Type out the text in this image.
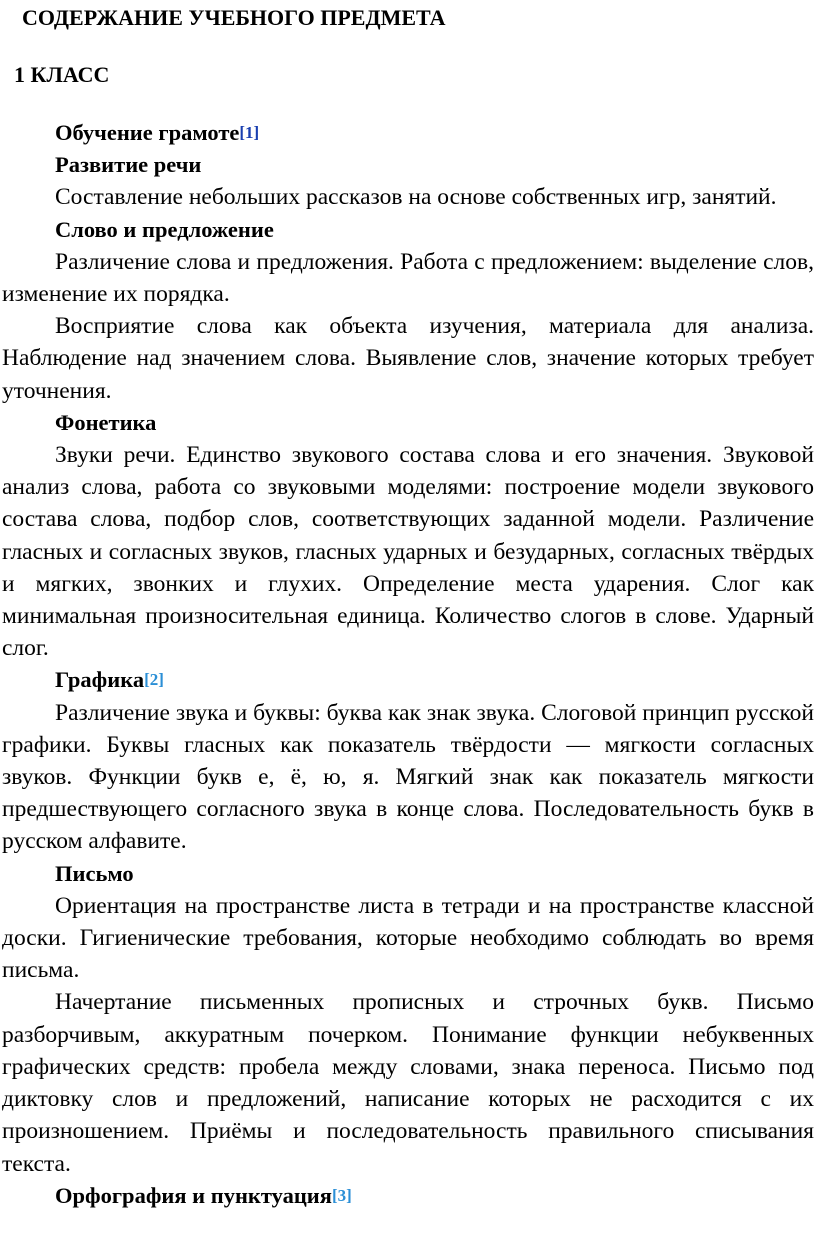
СОДЕРЖАНИЕ УЧЕБНОГО ПРЕДМЕТА
1 КЛАСС

Обучение грамоте[1]

Развитие речи

Составление небольших рассказов на основе собственных игр, занятий.

Слово и предложение

Различение слова и предложения. Работа с предложением: выделение слов, изменение их порядка.

Восприятие слова как объекта изучения, материала для анализа. Наблюдение над значением слова. Выявление слов, значение которых требует уточнения.

Фонетика

Звуки речи. Единство звукового состава слова и его значения. Звуковой анализ слова, работа со звуковыми моделями: построение модели звукового состава слова, подбор слов, соответствующих заданной модели. Различение гласных и согласных звуков, гласных ударных и безударных, согласных твёрдых и мягких, звонких и глухих. Определение места ударения. Слог как минимальная произносительная единица. Количество слогов в слове. Ударный слог.

Графика[2]

Различение звука и буквы: буква как знак звука. Слоговой принцип русской графики. Буквы гласных как показатель твёрдости — мягкости согласных звуков. Функции букв е, ё, ю, я. Мягкий знак как показатель мягкости предшествующего согласного звука в конце слова. Последовательность букв в русском алфавите.

Письмо

Ориентация на пространстве листа в тетради и на пространстве классной доски. Гигиенические требования, которые необходимо соблюдать во время письма.

Начертание письменных прописных и строчных букв. Письмо разборчивым, аккуратным почерком. Понимание функции небуквенных графических средств: пробела между словами, знака переноса. Письмо под диктовку слов и предложений, написание которых не расходится с их произношением. Приёмы и последовательность правильного списывания текста.

Орфография и пунктуация[3]
